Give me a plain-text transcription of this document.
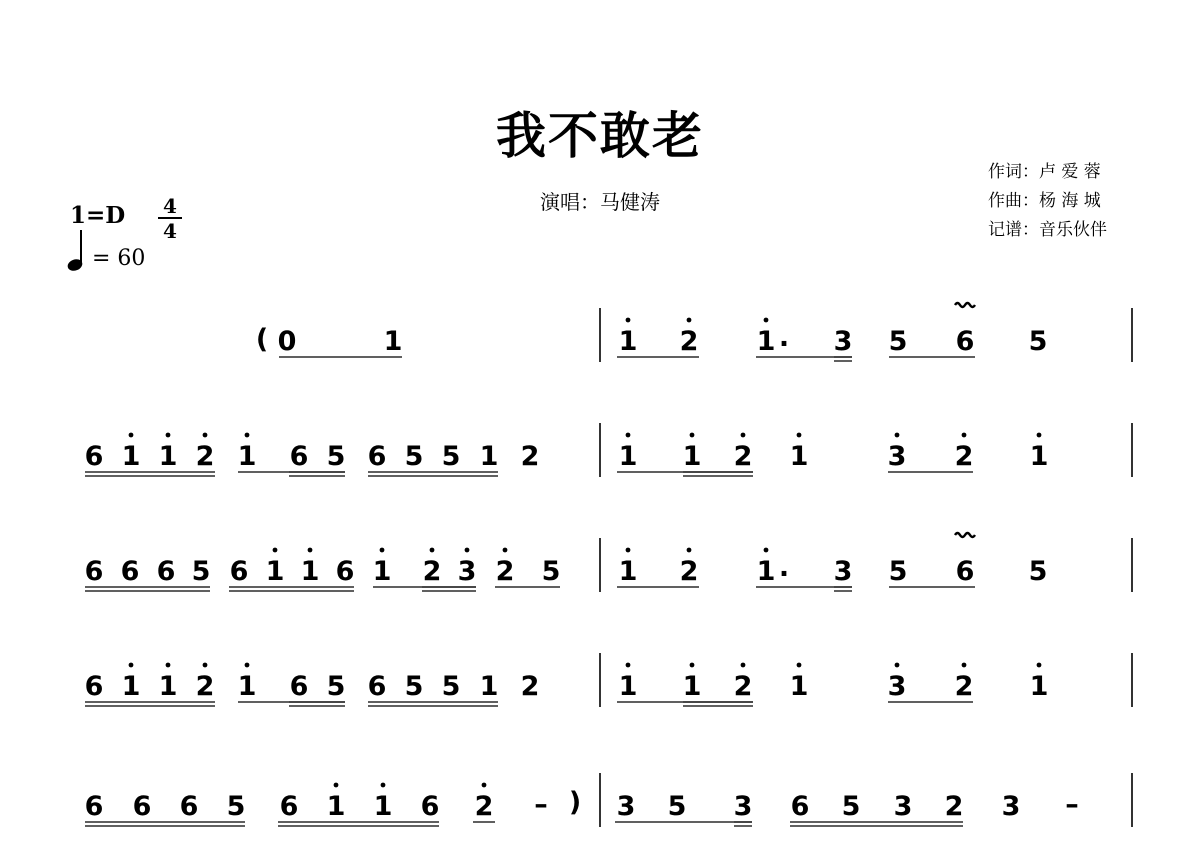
我不敢老
演唱：马健涛
作词：卢 爱 蓉
作曲：杨 海 城
记谱：音乐伙伴
1=D 4
4
= 60
0	1	1 2 1 3 5 6 5
6 1 1 2 1 6 5 6 5 5 1 2	1 1 2 1	3 2 1
6 6 6 5 6 1 1 6 1 2 3 2 5 1 2 1 3 5 6 5
6 1 1 2 1 6 5 6 5 5 1 2	1 1 2 1	3 2 1
6 6 6 5 6 1 1 6 2	3 5 3 6 5 3 2 3
.
.
(
)
–	–
